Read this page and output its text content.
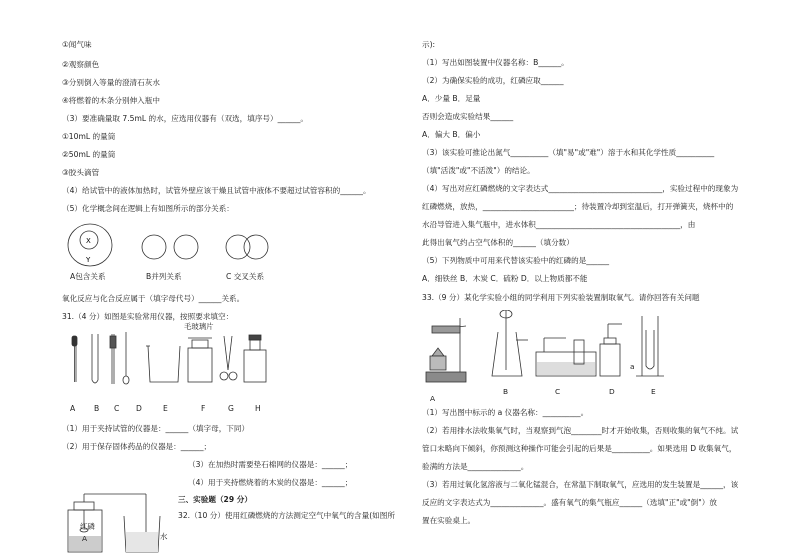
①闻气味
②观察颜色
③分别倒入等量的澄清石灰水
④将燃着的木条分别伸入瓶中
（3）要准确量取 7.5mL 的水，应选用仪器有（双选，填序号）______。
①10mL 的量筒
②50mL 的量筒
③胶头滴管
（4）给试管中的液体加热时，试管外壁应该干燥且试管中液体不要超过试管容积的______。
（5）化学概念间在逻辑上有如图所示的部分关系：
X
Y
A包含关系	B并列关系	C 交叉关系
氧化反应与化合反应属于（填字母代号）______关系。
31.（4 分）如图是实验常用仪器，按照要求填空：
毛玻璃片
A B C D	E	F	G	H
（1）用于夹持试管的仪器是：______（填字母，下同）
（2）用于保存固体药品的仪器是：______；
（3）在加热时需要垫石棉网的仪器是：______；
（4）用于夹持燃烧着的木炭的仪器是：______；
三、实验题（29 分）
32.（10 分）使用红磷燃烧的方法测定空气中氧气的含量(如图所
红磷
A	水
示):
（1）写出如图装置中仪器名称：B______。
（2）为确保实验的成功，红磷应取______
A．少量 B．足量
否则会造成实验结果______
A．偏大 B．偏小
（3）该实验可推论出氮气__________（填"易"或"难"）溶于水和其化学性质__________
（填"活泼"或"不活泼"）的结论。
（4）写出对应红磷燃烧的文字表达式______________________________，实验过程中的现象为
红磷燃烧，放热，________________________；待装置冷却到室温后，打开弹簧夹，烧杯中的
水沿导管进入集气瓶中，进水体积______________________________________，由
此得出氧气约占空气体积的______（填分数）
（5）下列物质中可用来代替该实验中的红磷的是______
A．细铁丝 B．木炭 C．硫粉 D．以上物质都不能
33.（9 分）某化学实验小组的同学利用下列实验装置制取氧气。请你回答有关问题
A
B	C	D	E
a
（1）写出图中标示的 a 仪器名称：__________。
（2）若用排水法收集氧气时，当观察到气泡________时才开始收集，否则收集的氧气不纯。试
管口未略向下倾斜，你预测这种操作可能会引起的后果是__________。如果选用 D 收集氧气，
验满的方法是______________。
（3）若用过氧化氢溶液与二氧化锰混合，在常温下制取氧气，应选用的发生装置是______，该
反应的文字表达式为______________。盛有氧气的集气瓶应______（选填"正"或"倒"）放
置在实验桌上。
